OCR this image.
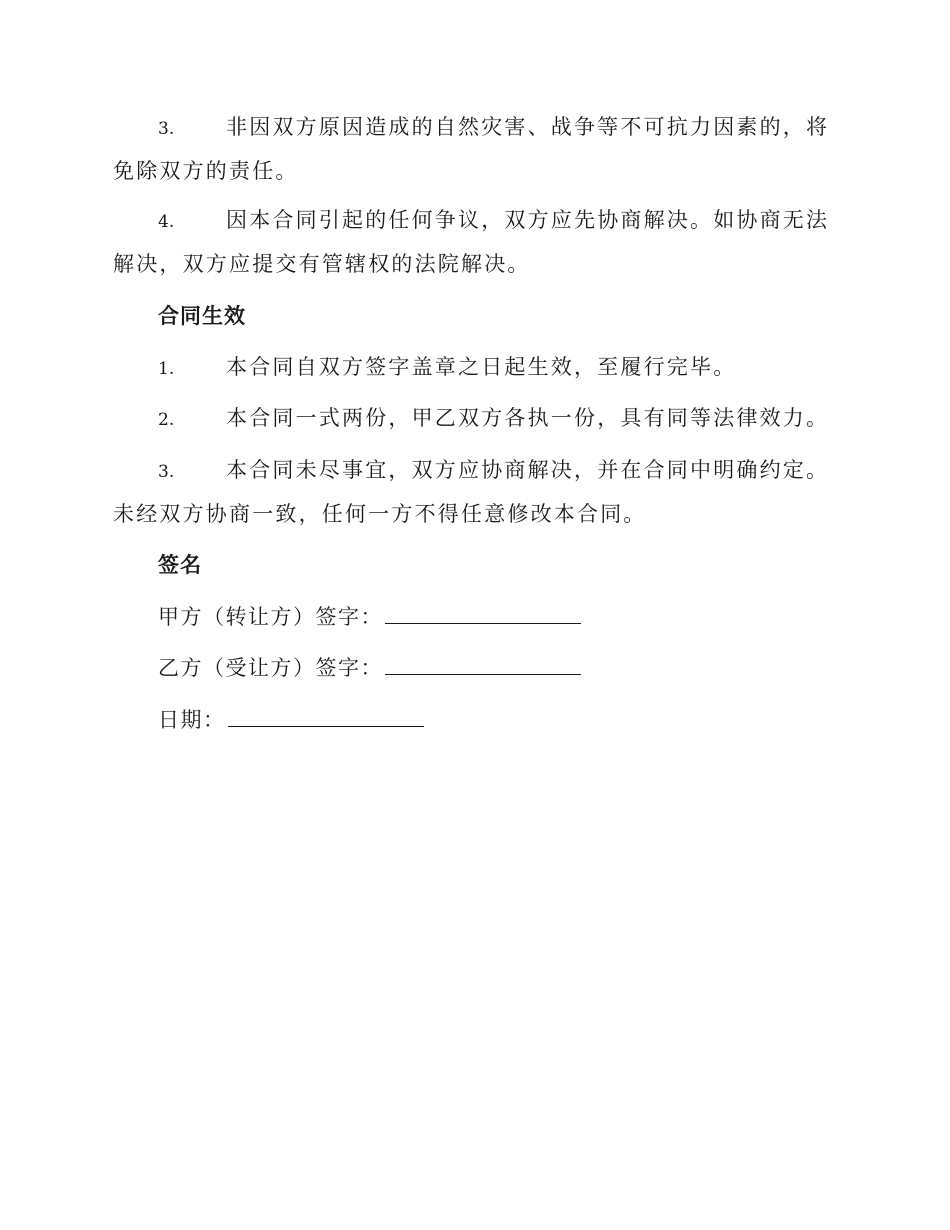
3. 非因双方原因造成的自然灾害、战争等不可抗力因素的，将免除双方的责任。
4. 因本合同引起的任何争议，双方应先协商解决。如协商无法解决，双方应提交有管辖权的法院解决。
合同生效
1. 本合同自双方签字盖章之日起生效，至履行完毕。
2. 本合同一式两份，甲乙双方各执一份，具有同等法律效力。
3. 本合同未尽事宜，双方应协商解决，并在合同中明确约定。未经双方协商一致，任何一方不得任意修改本合同。
签名
甲方（转让方）签字：
乙方（受让方）签字：
日期：
